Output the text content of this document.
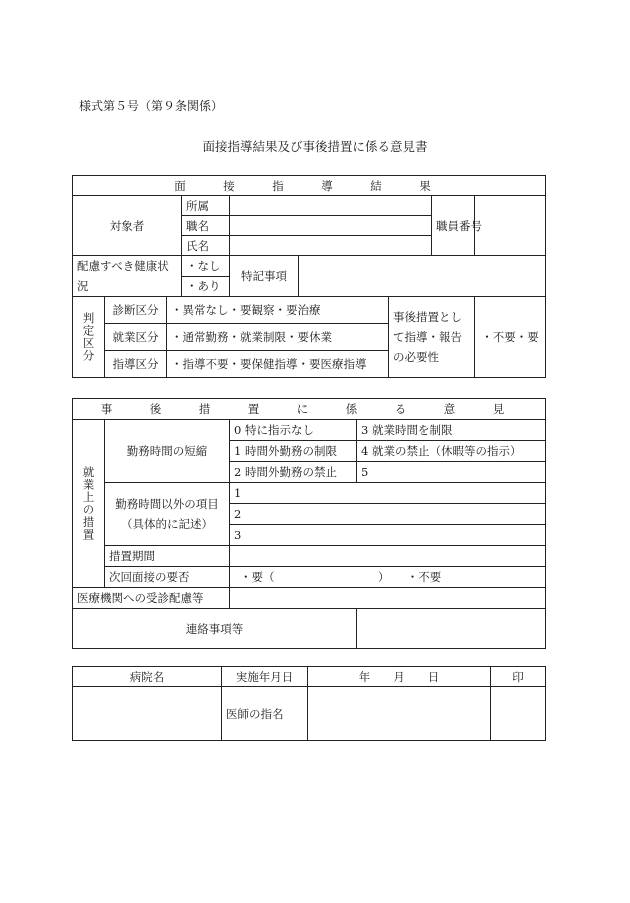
様式第５号（第９条関係）
面接指導結果及び事後措置に係る意見書
面　接　指　導　結　果								
対象者			所属				職員番号	
			職名					
			氏名					
配慮すべき健康状況			・なし	特記事項				
			・あり					
判定区分	診断区分	・異常なし・要観察・要治療				事後措置として指導・報告の必要性		・不要・要
	就業区分	・通常勤務・就業制限・要休業						
	指導区分	・指導不要・要保健指導・要医療指導						
事　後　措　置　に　係　る　意　見			
就業上の措置	勤務時間の短縮	0 特に指示なし	3 就業時間を制限
		1 時間外勤務の制限	4 就業の禁止（休暇等の指示）
		2 時間外勤務の禁止	5
	勤務時間以外の項目（具体的に記述）	1	
		2	
		3	
	措置期間		
	次回面接の要否	・要（　　　　　　　　　）　　・不要	
医療機関への受診配慮等			
連絡事項等			
病院名	実施年月日	年　　月　　日	印
	医師の指名		
